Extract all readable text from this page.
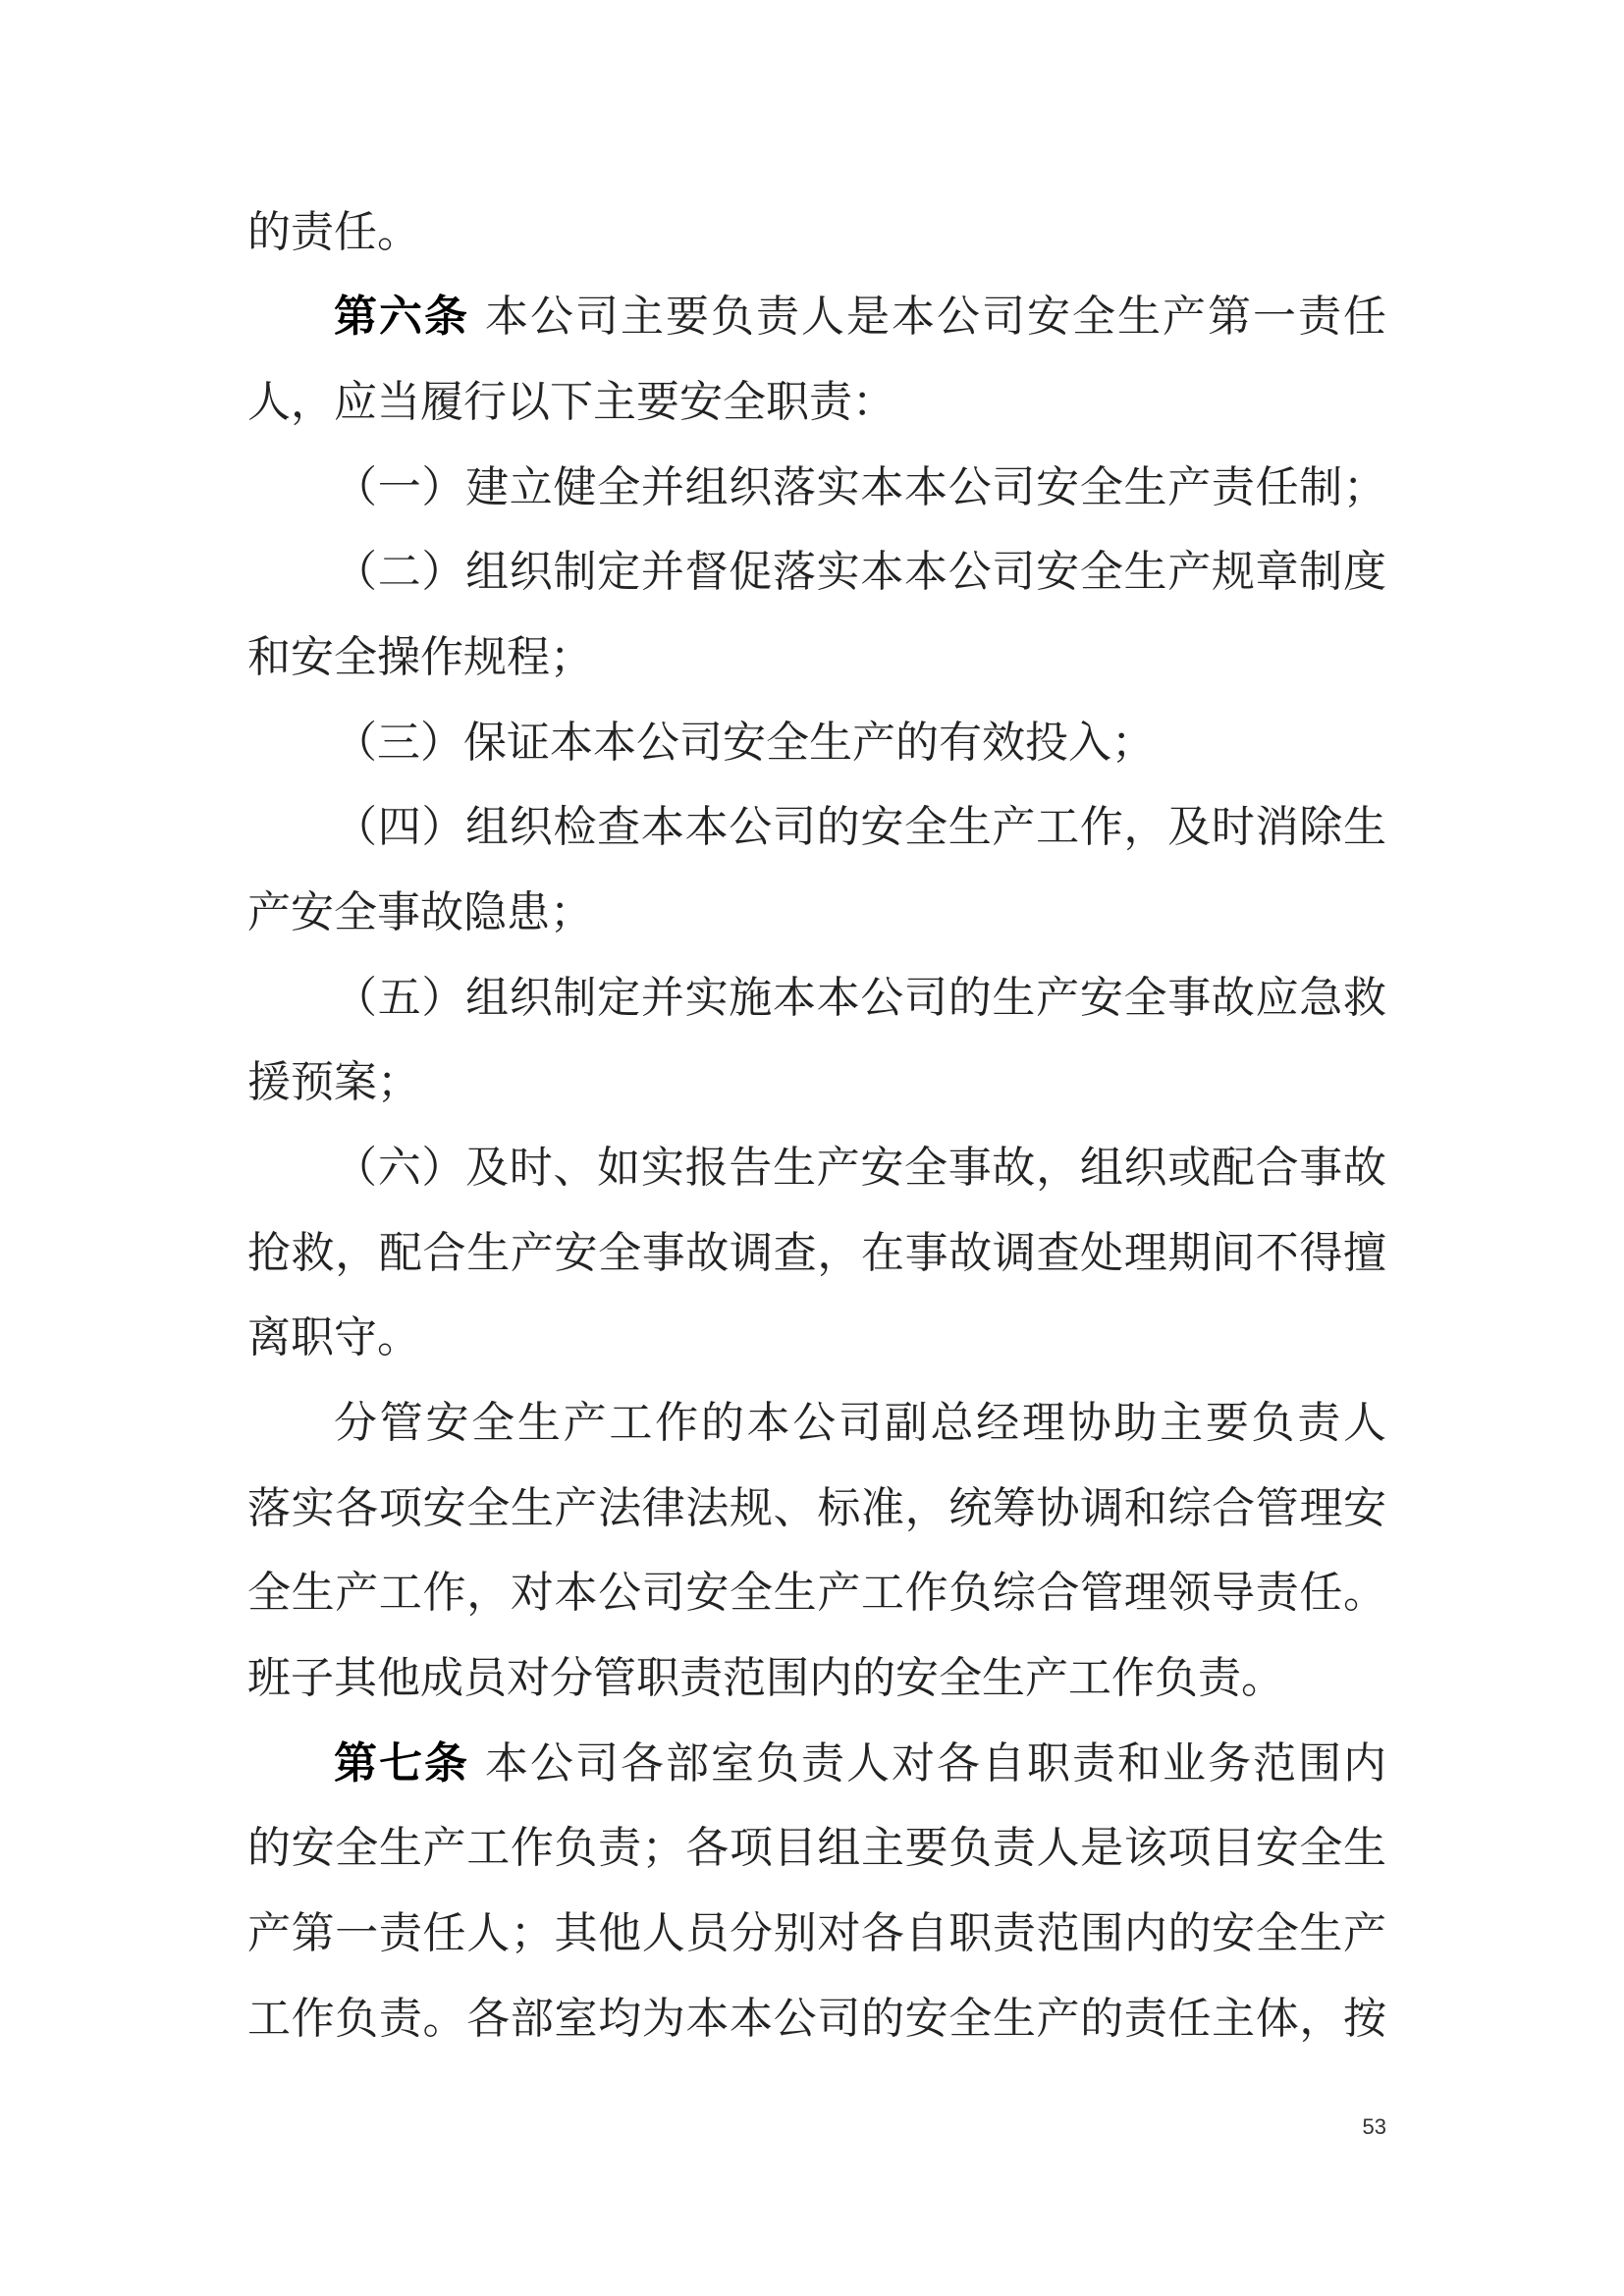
的责任。
第六条 本公司主要负责人是本公司安全生产第一责任
人，应当履行以下主要安全职责：
（一）建立健全并组织落实本本公司安全生产责任制；
（二）组织制定并督促落实本本公司安全生产规章制度
和安全操作规程；
（三）保证本本公司安全生产的有效投入；
（四）组织检查本本公司的安全生产工作，及时消除生
产安全事故隐患；
（五）组织制定并实施本本公司的生产安全事故应急救
援预案；
（六）及时、如实报告生产安全事故，组织或配合事故
抢救，配合生产安全事故调查，在事故调查处理期间不得擅
离职守。
分管安全生产工作的本公司副总经理协助主要负责人
落实各项安全生产法律法规、标准，统筹协调和综合管理安
全生产工作，对本公司安全生产工作负综合管理领导责任。
班子其他成员对分管职责范围内的安全生产工作负责。
第七条 本公司各部室负责人对各自职责和业务范围内
的安全生产工作负责；各项目组主要负责人是该项目安全生
产第一责任人；其他人员分别对各自职责范围内的安全生产
工作负责。各部室均为本本公司的安全生产的责任主体，按
53
